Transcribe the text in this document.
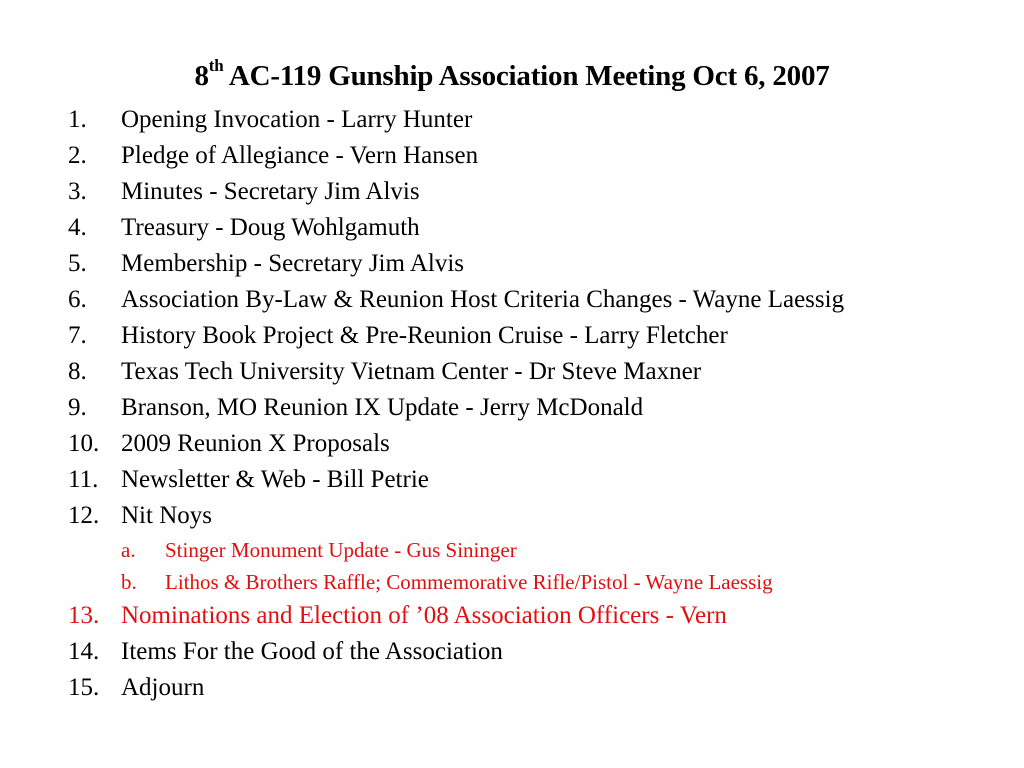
8th AC-119 Gunship Association Meeting Oct 6, 2007
1. Opening Invocation - Larry Hunter
2. Pledge of Allegiance - Vern Hansen
3. Minutes - Secretary Jim Alvis
4. Treasury - Doug Wohlgamuth
5. Membership - Secretary Jim Alvis
6. Association By-Law & Reunion Host Criteria Changes - Wayne Laessig
7. History Book Project & Pre-Reunion Cruise - Larry Fletcher
8. Texas Tech University Vietnam Center - Dr Steve Maxner
9. Branson, MO Reunion IX Update - Jerry McDonald
10. 2009 Reunion X Proposals
11. Newsletter & Web - Bill Petrie
12. Nit Noys
a. Stinger Monument Update - Gus Sininger
b. Lithos & Brothers Raffle; Commemorative Rifle/Pistol - Wayne Laessig
13. Nominations and Election of ’08 Association Officers - Vern
14. Items For the Good of the Association
15. Adjourn
